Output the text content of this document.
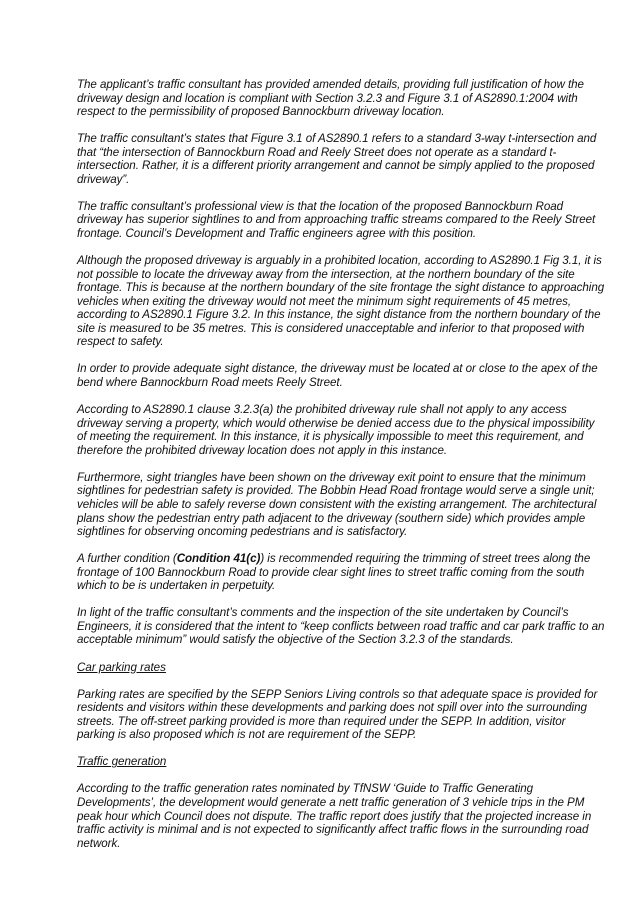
The applicant’s traffic consultant has provided amended details, providing full justification of how the driveway design and location is compliant with Section 3.2.3 and Figure 3.1 of AS2890.1:2004 with respect to the permissibility of proposed Bannockburn driveway location.

The traffic consultant’s states that Figure 3.1 of AS2890.1 refers to a standard 3-way t-intersection and that “the intersection of Bannockburn Road and Reely Street does not operate as a standard t-intersection. Rather, it is a different priority arrangement and cannot be simply applied to the proposed driveway”.

The traffic consultant’s professional view is that the location of the proposed Bannockburn Road driveway has superior sightlines to and from approaching traffic streams compared to the Reely Street frontage. Council’s Development and Traffic engineers agree with this position.

Although the proposed driveway is arguably in a prohibited location, according to AS2890.1 Fig 3.1, it is not possible to locate the driveway away from the intersection, at the northern boundary of the site frontage. This is because at the northern boundary of the site frontage the sight distance to approaching vehicles when exiting the driveway would not meet the minimum sight requirements of 45 metres, according to AS2890.1 Figure 3.2. In this instance, the sight distance from the northern boundary of the site is measured to be 35 metres. This is considered unacceptable and inferior to that proposed with respect to safety.

In order to provide adequate sight distance, the driveway must be located at or close to the apex of the bend where Bannockburn Road meets Reely Street.

According to AS2890.1 clause 3.2.3(a) the prohibited driveway rule shall not apply to any access driveway serving a property, which would otherwise be denied access due to the physical impossibility of meeting the requirement. In this instance, it is physically impossible to meet this requirement, and therefore the prohibited driveway location does not apply in this instance.

Furthermore, sight triangles have been shown on the driveway exit point to ensure that the minimum sightlines for pedestrian safety is provided. The Bobbin Head Road frontage would serve a single unit; vehicles will be able to safely reverse down consistent with the existing arrangement. The architectural plans show the pedestrian entry path adjacent to the driveway (southern side) which provides ample sightlines for observing oncoming pedestrians and is satisfactory.

A further condition (Condition 41(c)) is recommended requiring the trimming of street trees along the frontage of 100 Bannockburn Road to provide clear sight lines to street traffic coming from the south which to be is undertaken in perpetuity.

In light of the traffic consultant’s comments and the inspection of the site undertaken by Council’s Engineers, it is considered that the intent to “keep conflicts between road traffic and car park traffic to an acceptable minimum” would satisfy the objective of the Section 3.2.3 of the standards.

Car parking rates

Parking rates are specified by the SEPP Seniors Living controls so that adequate space is provided for residents and visitors within these developments and parking does not spill over into the surrounding streets. The off-street parking provided is more than required under the SEPP. In addition, visitor parking is also proposed which is not are requirement of the SEPP.

Traffic generation

According to the traffic generation rates nominated by TfNSW ‘Guide to Traffic Generating Developments’, the development would generate a nett traffic generation of 3 vehicle trips in the PM peak hour which Council does not dispute. The traffic report does justify that the projected increase in traffic activity is minimal and is not expected to significantly affect traffic flows in the surrounding road network.
